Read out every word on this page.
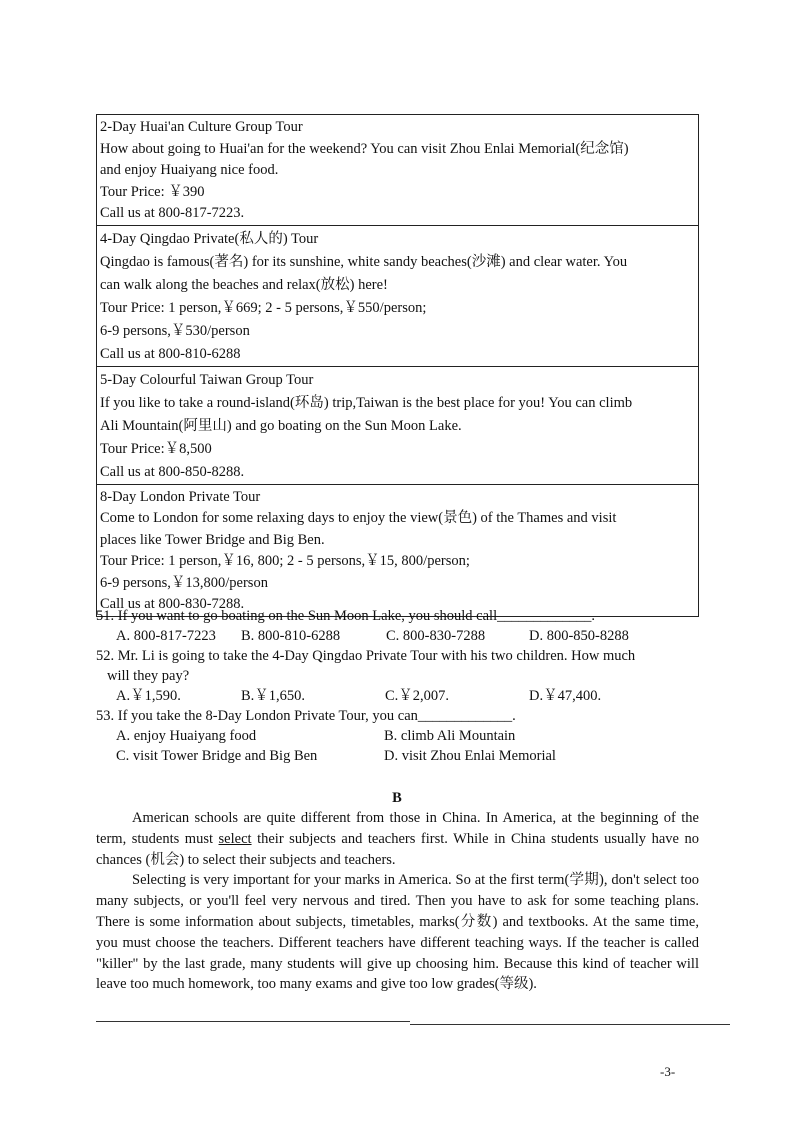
2-Day Huai'an Culture Group Tour
How about going to Huai'an for the weekend? You can visit Zhou Enlai Memorial(纪念馆)
and enjoy Huaiyang nice food.
Tour Price: ￥390
Call us at 800-817-7223.
4-Day Qingdao Private(私人的) Tour
Qingdao is famous(著名) for its sunshine, white sandy beaches(沙滩) and clear water. You
can walk along the beaches and relax(放松) here!
Tour Price: 1 person,￥669; 2 - 5 persons,￥550/person;
6-9 persons,￥530/person
Call us at 800-810-6288
5-Day Colourful Taiwan Group Tour
If you like to take a round-island(环岛) trip,Taiwan is the best place for you! You can climb
Ali Mountain(阿里山) and go boating on the Sun Moon Lake.
Tour Price:￥8,500
Call us at 800-850-8288.
8-Day London Private Tour
Come to London for some relaxing days to enjoy the view(景色) of the Thames and visit
places like Tower Bridge and Big Ben.
Tour Price: 1 person,￥16, 800; 2 - 5 persons,￥15, 800/person;
6-9 persons,￥13,800/person
Call us at 800-830-7288.
51. If you want to go boating on the Sun Moon Lake, you should call_____________.
A. 800-817-7223	B. 800-810-6288	C. 800-830-7288	D. 800-850-8288
52. Mr. Li is going to take the 4-Day Qingdao Private Tour with his two children. How much
will they pay?
A.￥1,590.	B.￥1,650.	C.￥2,007.	D.￥47,400.
53. If you take the 8-Day London Private Tour, you can_____________.
A. enjoy Huaiyang food	B. climb Ali Mountain
C. visit Tower Bridge and Big Ben	D. visit Zhou Enlai Memorial
B

American schools are quite different from those in China. In America, at the beginning of the term, students must select their subjects and teachers first. While in China students usually have no chances (机会) to select their subjects and teachers.

Selecting is very important for your marks in America. So at the first term(学期), don't select too many subjects, or you'll feel very nervous and tired. Then you have to ask for some teaching plans. There is some information about subjects, timetables, marks(分数) and textbooks. At the same time, you must choose the teachers. Different teachers have different teaching ways. If the teacher is called "killer" by the last grade, many students will give up choosing him. Because this kind of teacher will leave too much homework, too many exams and give too low grades(等级).

-3-
